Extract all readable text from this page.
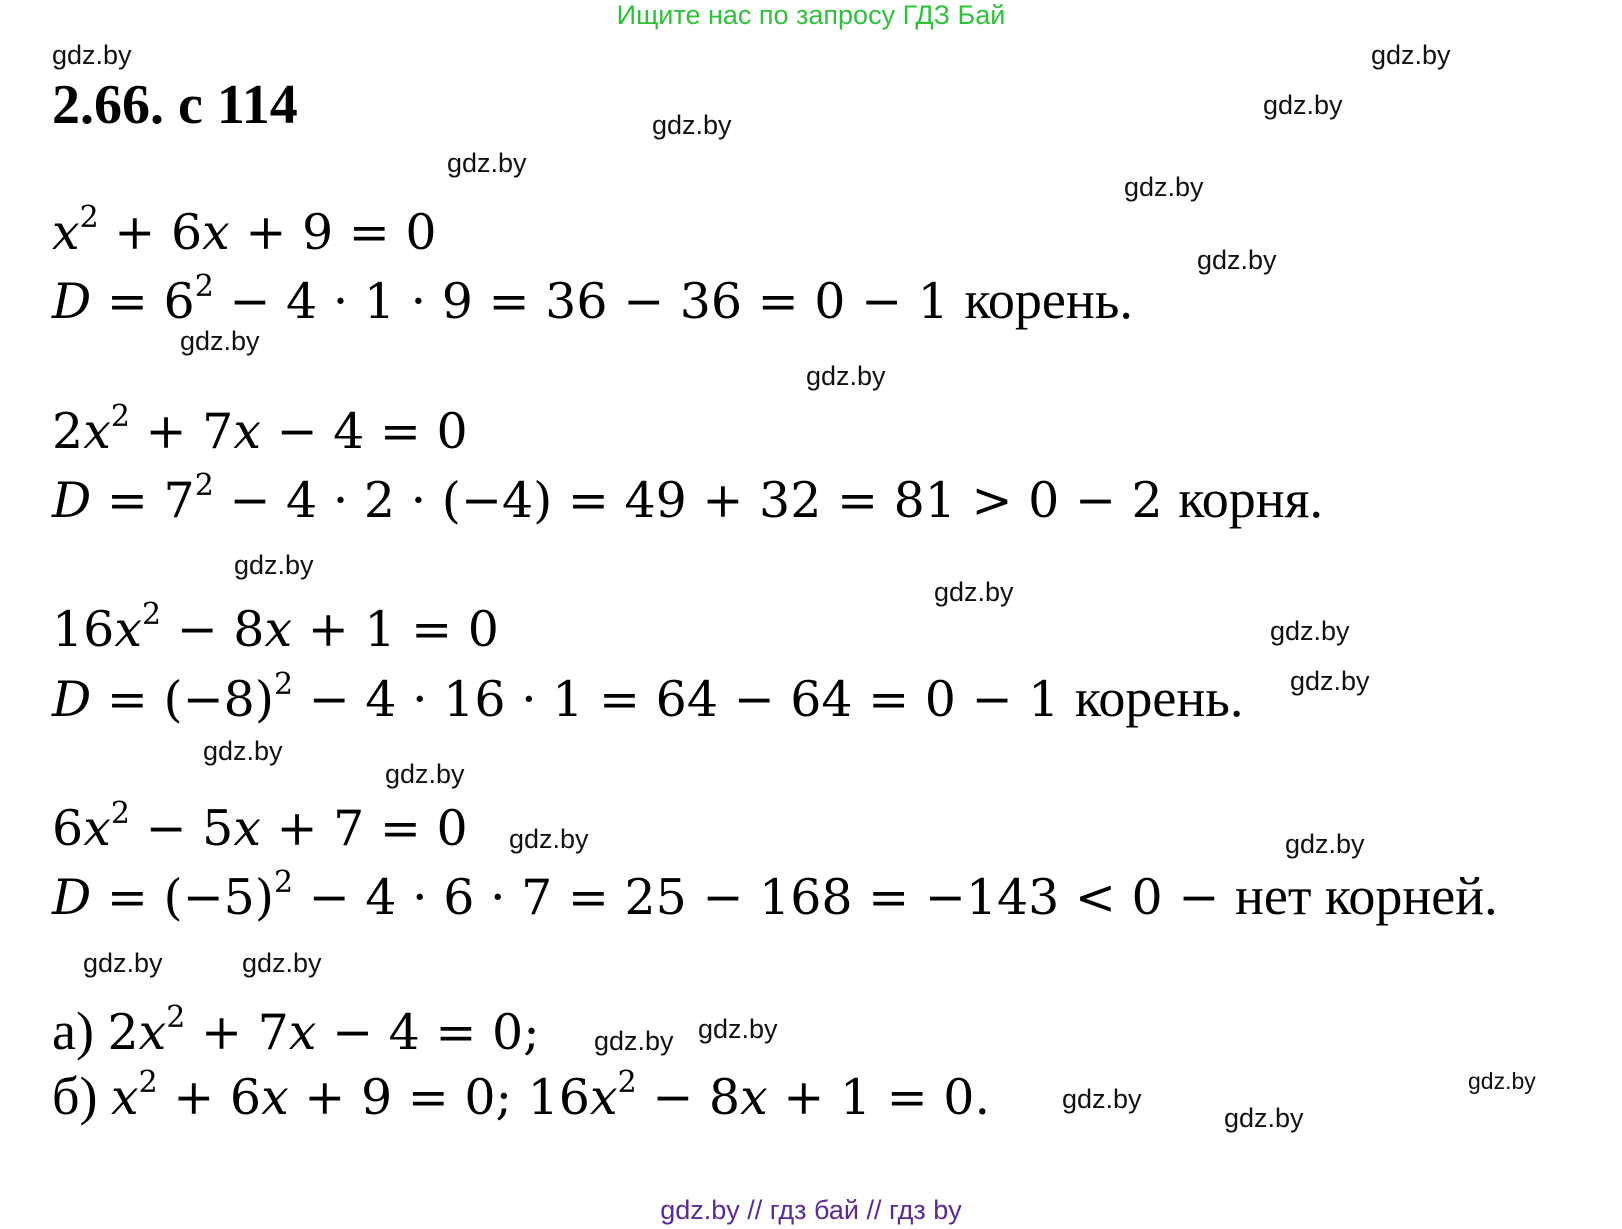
Ищите нас по запросу ГДЗ Бай
2.66. с 114
gdz.by	gdz.by
gdz.by
gdz.by
gdz.by
gdz.by
gdz.by
gdz.by
gdz.by
gdz.by
gdz.by
gdz.by
gdz.by
gdz.by
gdz.by
gdz.by	gdz.by
gdz.by	gdz.by
gdz.by
gdz.by
gdz.by
gdz.by
gdz.by
$x^2 + 6x + 9 = 0$
$D = 6^2 - 4 \cdot 1 \cdot 9 = 36 - 36 = 0 - 1$ корень.
$2x^2 + 7x - 4 = 0$
$D = 7^2 - 4 \cdot 2 \cdot (-4) = 49 + 32 = 81 > 0 - 2$ корня.
$16x^2 - 8x + 1 = 0$
$D = (-8)^2 - 4 \cdot 16 \cdot 1 = 64 - 64 = 0 - 1$ корень.
$6x^2 - 5x + 7 = 0$
$D = (-5)^2 - 4 \cdot 6 \cdot 7 = 25 - 168 = -143 < 0$ − нет корней.
а) $2x^2 + 7x - 4 = 0$;
б) $x^2 + 6x + 9 = 0$; $16x^2 - 8x + 1 = 0$.
gdz.by // гдз бай // гдз by
